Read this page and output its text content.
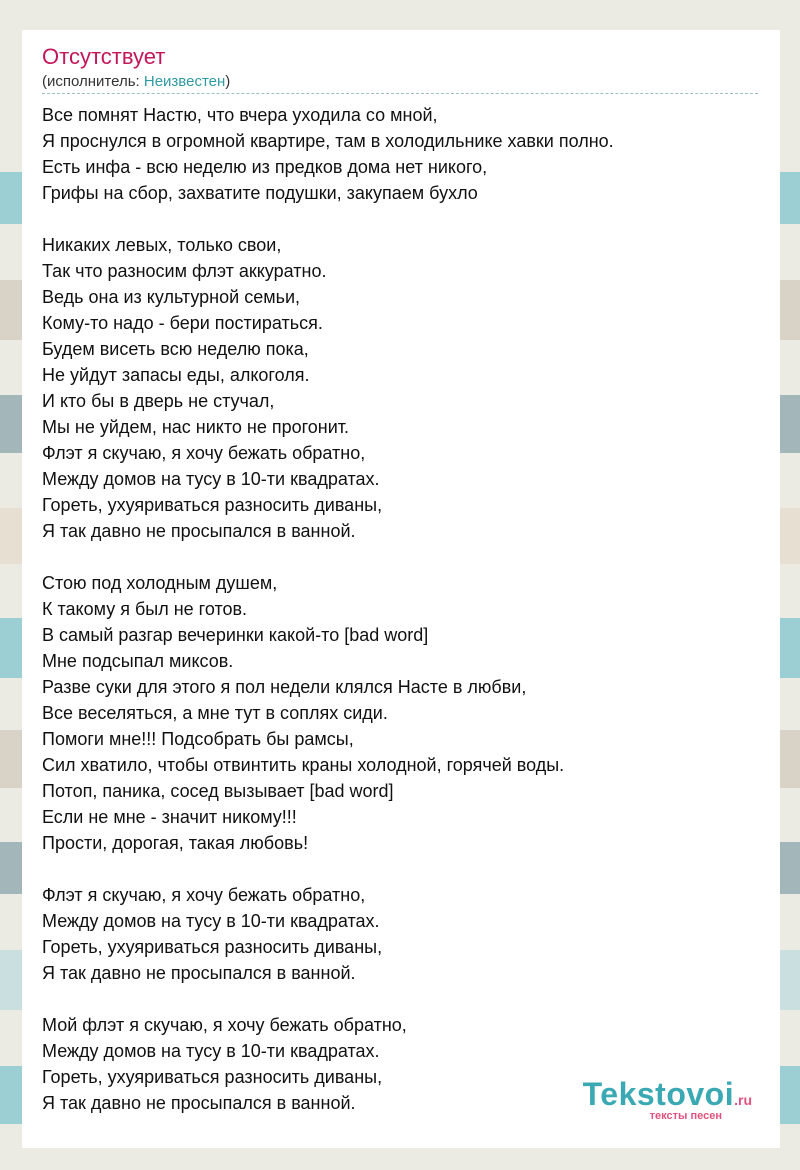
Отсутствует
(исполнитель: Неизвестен)
Все помнят Настю, что вчера уходила со мной,
Я проснулся в огромной квартире, там в холодильнике хавки полно.
Есть инфа - всю неделю из предков дома нет никого,
Грифы на сбор, захватите подушки, закупаем бухло
Никаких левых, только свои,
Так что разносим флэт аккуратно.
Ведь она из культурной семьи,
Кому-то надо - бери постираться.
Будем висеть всю неделю пока,
Не уйдут запасы еды, алкоголя.
И кто бы в дверь не стучал,
Мы не уйдем, нас никто не прогонит.
Флэт я скучаю, я хочу бежать обратно,
Между домов на тусу в 10-ти квадратах.
Гореть, ухуяриваться разносить диваны,
Я так давно не просыпался в ванной.
Стою под холодным душем,
К такому я был не готов.
В самый разгар вечеринки какой-то [bad word]
Мне подсыпал миксов.
Разве суки для этого я пол недели клялся Насте в любви,
Все веселяться, а мне тут в соплях сиди.
Помоги мне!!! Подсобрать бы рамсы,
Сил хватило, чтобы отвинтить краны холодной, горячей воды.
Потоп, паника, сосед вызывает [bad word]
Если не мне - значит никому!!!
Прости, дорогая, такая любовь!
Флэт я скучаю, я хочу бежать обратно,
Между домов на тусу в 10-ти квадратах.
Гореть, ухуяриваться разносить диваны,
Я так давно не просыпался в ванной.
Мой флэт я скучаю, я хочу бежать обратно,
Между домов на тусу в 10-ти квадратах.
Гореть, ухуяриваться разносить диваны,
Я так давно не просыпался в ванной.	Tekstovoi.ru
тексты песен
